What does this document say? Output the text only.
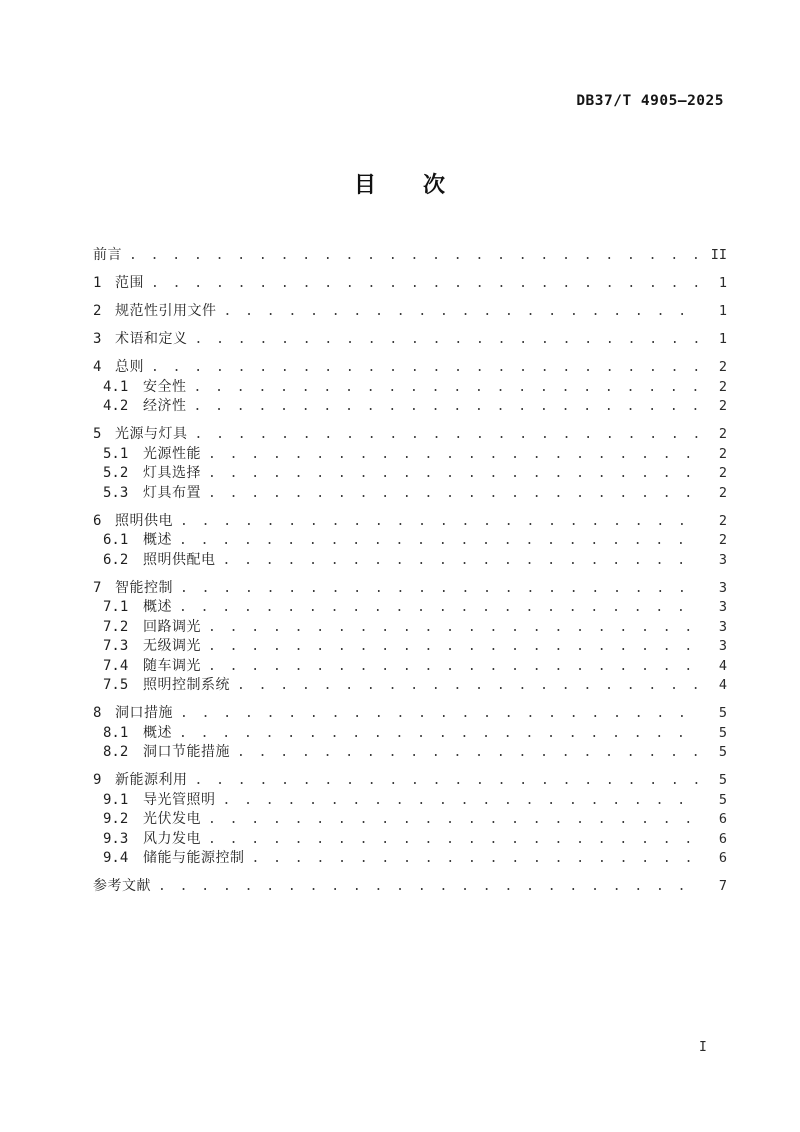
DB37/T 4905—2025
目　　次
前言 . . .	II
1 范围 . . .	1
2 规范性引用文件 . . .	1
3 术语和定义 . . .	1
4 总则 . . .	2
4.1	安全性 . . .	2
4.2	经济性 . . .	2
5 光源与灯具 . . .	2
5.1	光源性能 . . .	2
5.2	灯具选择 . . .	2
5.3	灯具布置 . . .	2
6 照明供电 . . .	2
6.1	概述 . . .	2
6.2	照明供配电 . . .	3
7 智能控制 . . .	3
7.1	概述 . . .	3
7.2	回路调光 . . .	3
7.3	无级调光 . . .	3
7.4	随车调光 . . .	4
7.5	照明控制系统 . . .	4
8 洞口措施 . . .	5
8.1	概述 . . .	5
8.2	洞口节能措施 . . .	5
9 新能源利用 . . .	5
9.1	导光管照明 . . .	5
9.2	光伏发电 . . .	6
9.3	风力发电 . . .	6
9.4	储能与能源控制 . . .	6
参考文献 . . .	7
I
